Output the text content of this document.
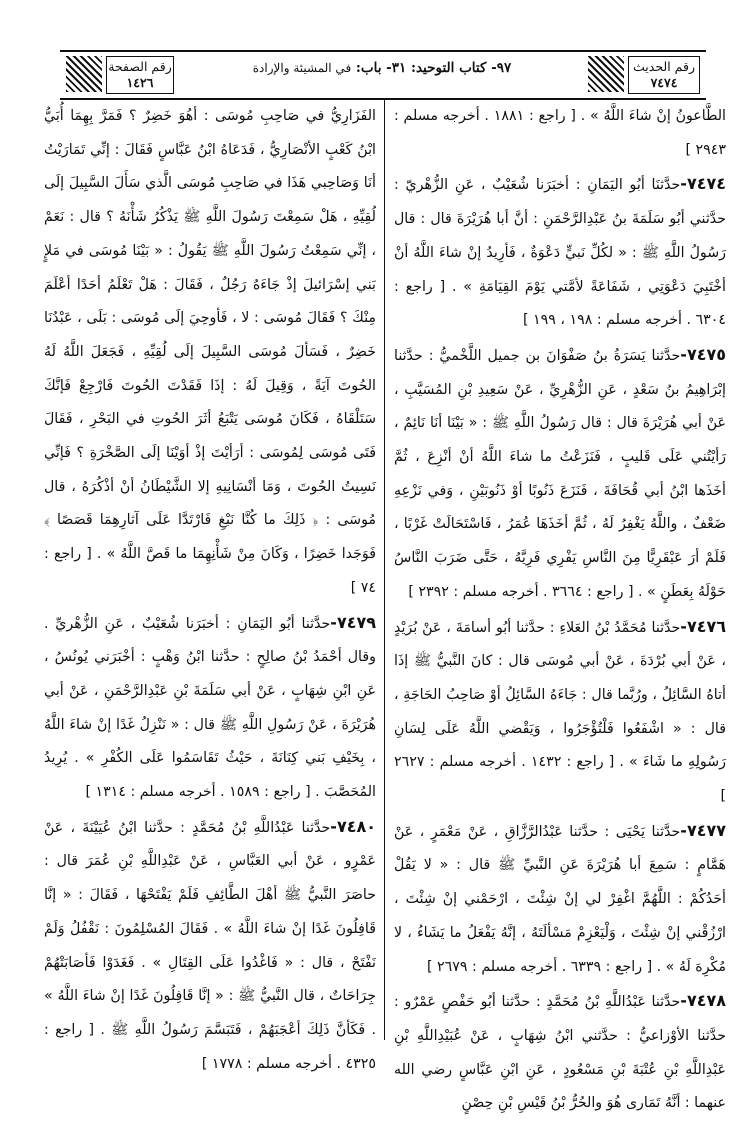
رقم الحديث
٧٤٧٤
٩٧- كتاب التوحيد: ٣١- باب: في المشيئة والإرادة
رقم الصفحة
١٤٢٦

الطَّاعونُ إنْ شاءَ اللَّهُ » . [ راجع : ١٨٨١ . أخرجه مسلم : ٢٩٤٣ ]

٧٤٧٤-حدَّثنَا أبُو اليَمَانِ : أخبَرَنا شُعَيْبٌ ، عَنِ الزُّهْريّ : حدَّثني أبُو سَلَمَةَ بنُ عَبْدِالرَّحْمَنِ : أنَّ أبا هُرَيْرَةَ قال : قال رَسُولُ اللَّهِ ﷺ : « لكُلِّ نَبيٍّ دَعْوَةٌ ، فَأرِيدُ إنْ شاءَ اللَّهُ أنْ أخْتَبِيَ دَعْوَتِي ، شَفَاعَةً لأمَّتي يَوْمَ القِيَامَةِ » . [ راجع : ٦٣٠٤ . أخرجه مسلم : ١٩٨ ، ١٩٩ ]

٧٤٧٥-حدَّثنا يَسَرَةُ بنُ صَفْوَانَ بن جميل اللَّخْميُّ : حدَّثنا إبْرَاهِيمُ بنُ سَعْدٍ ، عَنِ الزُّهْرِيِّ ، عَنْ سَعِيدِ بْنِ المُسَيَّبِ ، عَنْ أبي هُرَيْرَةَ قال : قال رَسُولُ اللَّهِ ﷺ : « بَيْنَا أنَا نَائِمٌ ، رَأيْتُني عَلَى قَليبٍ ، فَنَزَعْتُ ما شاءَ اللَّهُ أنْ أنْزِعَ ، ثُمَّ أخَذَها ابْنُ أبي قُحَافَةَ ، فَنَزَعَ ذَنُوبًا أوْ ذَنُوبَيْنِ ، وَفي نَزْعِهِ ضَعْفٌ ، واللَّهُ يَغْفِرُ لَهُ ، ثُمَّ أخَذَهَا عُمَرُ ، فَاسْتَحَالَتْ غَرْبًا ، فَلَمْ أرَ عَبْقَرِيًّا مِنَ النَّاسِ يَفْرِي فَرِيَّهُ ، حَتَّى ضَرَبَ النَّاسُ حَوْلَهُ بِعَطَنٍ » . [ راجع : ٣٦٦٤ . أخرجه مسلم : ٢٣٩٢ ]

٧٤٧٦-حدَّثنا مُحَمَّدُ بْنُ العَلاءِ : حدَّثنا أبُو أسامَةَ ، عَنْ بُرَيْدٍ ، عَنْ أبي بُرْدَةَ ، عَنْ أبي مُوسَى قال : كانَ النَّبيُّ ﷺ إذَا أتاهُ السَّائِلُ ، ورُبَّما قال : جَاءَهُ السَّائِلُ أوْ صَاحِبُ الحَاجَةِ ، قال : « اشْفَعُوا فَلْتُؤْجَرُوا ، وَيَقْضي اللَّهُ عَلَى لِسَانِ رَسُولِهِ ما شَاءَ » . [ راجع : ١٤٣٢ . أخرجه مسلم : ٢٦٢٧ ]

٧٤٧٧-حدَّثنا يَحْيَى : حدَّثنا عَبْدُالرَّزَّاقِ ، عَنْ مَعْمَرٍ ، عَنْ هَمَّامٍ : سَمِعَ أبا هُرَيْرَةَ عَنِ النَّبيِّ ﷺ قال : « لا يَقُلْ أحَدُكُمْ : اللَّهُمَّ اغْفِرْ لي إنْ شِئْتَ ، ارْحَمْني إنْ شِئْتَ ، ارْزُقْني إنْ شِئْتَ ، وَلْيَعْزِمْ مَسْألَتَهُ ، إنَّهُ يَفْعَلُ ما يَشَاءُ ، لا مُكْرِهَ لَهُ » . [ راجع : ٦٣٣٩ . أخرجه مسلم : ٢٦٧٩ ]

٧٤٧٨-حدَّثنا عَبْدُاللَّهِ بْنُ مُحَمَّدٍ : حدَّثنا أبُو حَفْصٍ عَمْرٌو : حدَّثنا الأوْزاعيُّ : حدَّثني ابْنُ شِهَابٍ ، عَنْ عُبَيْدِاللَّهِ بْنِ عَبْدِاللَّهِ بْنِ عُتْبَةَ بْنِ مَسْعُودٍ ، عَنِ ابْنِ عَبَّاسٍ رضي الله عنهما : أنَّهُ تَمَارى هُوَ والحُرُّ بْنُ قَيْسِ بْنِ حِصْنٍ

الفَزَارِيُّ في صَاحِبِ مُوسَى : أهُوَ خَضِرٌ ؟ فَمَرَّ بِهِمَا أُبَيُّ ابْنُ كَعْبٍ الأنْصَارِيُّ ، فَدَعَاهُ ابْنُ عَبَّاسٍ فَقَالَ : إنِّي تَمَارَيْتُ أنَا وَصَاحِبي هَذَا في صَاحِبِ مُوسَى الَّذي سَأَلَ السَّبِيلَ إلَى لُقِيِّهِ ، هَلْ سَمِعْتَ رَسُولَ اللَّهِ ﷺ يَذْكُرُ شَأْنَهُ ؟ قال : نَعَمْ ، إنِّي سَمِعْتُ رَسُولَ اللَّهِ ﷺ يَقُولُ : « بَيْنَا مُوسَى في مَلإٍ بَني إسْرَائيلَ إذْ جَاءَهُ رَجُلٌ ، فَقَالَ : هَلْ تَعْلَمُ أحَدًا أعْلَمَ مِنْكَ ؟ فَقَالَ مُوسَى : لا ، فَأوحِيَ إلَى مُوسَى : بَلَى ، عَبْدُنَا خَضِرٌ ، فَسَألَ مُوسَى السَّبِيلَ إلَى لُقِيِّهِ ، فَجَعَلَ اللَّهُ لَهُ الحُوتَ آيَةً ، وَقِيلَ لَهُ : إذَا فَقَدْتَ الحُوتَ فَارْجِعْ فَإنَّكَ سَتَلْقَاهُ ، فَكَانَ مُوسَى يَتْبَعُ أثَرَ الحُوتِ في البَحْرِ ، فَقَالَ فَتَى مُوسَى لِمُوسَى : أرَأيْتَ إذْ أوَيْنَا إلَى الصَّخْرَةِ ؟ فَإنِّي نَسِيتُ الحُوتَ ، وَمَا أنْسَانِيهِ إلا الشَّيْطَانُ أنْ أذْكُرَهُ ، قال مُوسَى : ﴿ ذَلِكَ ما كُنَّا نَبْغِ فَارْتَدَّا عَلَى آثارِهِمَا قَصَصًا ﴾ فَوَجَدا خَضِرًا ، وَكَانَ مِنْ شَأْنِهِمَا ما قَصَّ اللَّهُ » . [ راجع : ٧٤ ]

٧٤٧٩-حدَّثنا أبُو اليَمَانِ : أخبَرَنا شُعَيْبٌ ، عَنِ الزُّهْريِّ . وقال أحْمَدُ بْنُ صالِحٍ : حدَّثنا ابْنُ وَهْبٍ : أخْبَرَني يُونُسُ ، عَنِ ابْنِ شِهَابٍ ، عَنْ أبي سَلَمَةَ بْنِ عَبْدِالرَّحْمَنِ ، عَنْ أبي هُرَيْرَةَ ، عَنْ رَسُولِ اللَّهِ ﷺ قال : « نَنْزِلُ غَدًا إنْ شاءَ اللَّهُ ، بِخَيْفِ بَني كِنَانَةَ ، حَيْثُ تَقَاسَمُوا عَلَى الكُفْرِ » . يُرِيدُ المُحَصَّبَ . [ راجع : ١٥٨٩ . أخرجه مسلم : ١٣١٤ ]

٧٤٨٠-حدَّثنا عَبْدُاللَّهِ بْنُ مُحَمَّدٍ : حدَّثنا ابْنُ عُيَيْنَةَ ، عَنْ عَمْرٍو ، عَنْ أبي العَبَّاسِ ، عَنْ عَبْدِاللَّهِ بْنِ عُمَرَ قال : حاصَرَ النَّبيُّ ﷺ أهْلَ الطَّائِفِ فَلَمْ يَفْتَحْهَا ، فَقَالَ : « إنَّا قَافِلُونَ غَدًا إنْ شاءَ اللَّهُ » . فَقَالَ المُسْلِمُونَ : نَقْفُلُ وَلَمْ نَفْتَحْ ، قال : « فَاغْدُوا عَلَى القِتَالِ » . فَغَدَوْا فَأصَابَتْهُمْ جِرَاحَاتٌ ، قال النَّبيُّ ﷺ : « إنَّا قَافِلُونَ غَدًا إنْ شاءَ اللَّهُ » . فَكَأنَّ ذَلِكَ أعْجَبَهُمْ ، فَتَبَسَّمَ رَسُولُ اللَّهِ ﷺ . [ راجع : ٤٣٢٥ . أخرجه مسلم : ١٧٧٨ ]
